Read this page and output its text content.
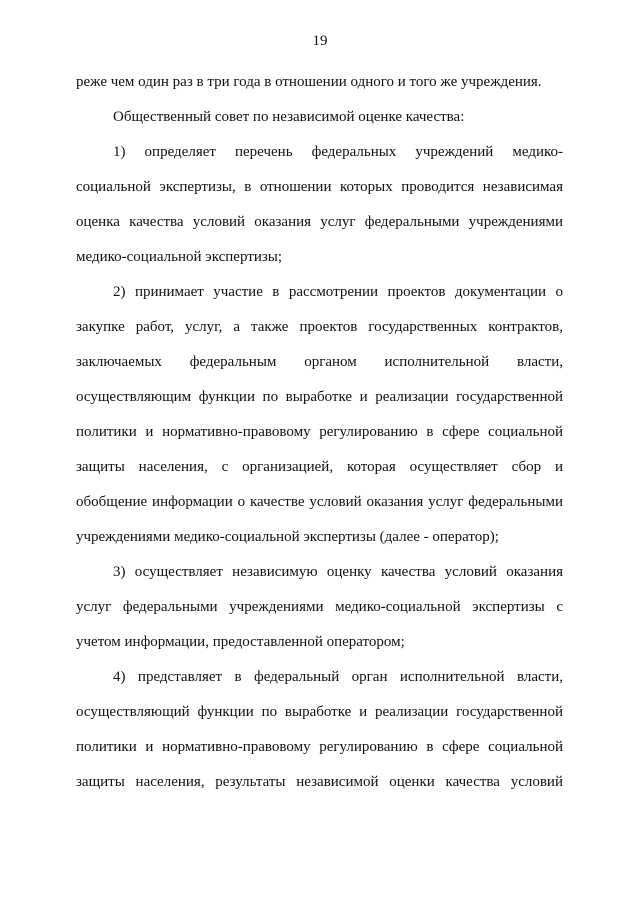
19
реже чем один раз в три года в отношении одного и того же учреждения.
Общественный совет по независимой оценке качества:
1) определяет перечень федеральных учреждений медико-
социальной экспертизы, в отношении которых проводится независимая
оценка качества условий оказания услуг федеральными учреждениями
медико-социальной экспертизы;
2) принимает участие в рассмотрении проектов документации о
закупке работ, услуг, а также проектов государственных контрактов,
заключаемых федеральным органом исполнительной власти,
осуществляющим функции по выработке и реализации государственной
политики и нормативно-правовому регулированию в сфере социальной
защиты населения, с организацией, которая осуществляет сбор и
обобщение информации о качестве условий оказания услуг федеральными
учреждениями медико-социальной экспертизы (далее - оператор);
3) осуществляет независимую оценку качества условий оказания
услуг федеральными учреждениями медико-социальной экспертизы с
учетом информации, предоставленной оператором;
4) представляет в федеральный орган исполнительной власти,
осуществляющий функции по выработке и реализации государственной
политики и нормативно-правовому регулированию в сфере социальной
защиты населения, результаты независимой оценки качества условий
